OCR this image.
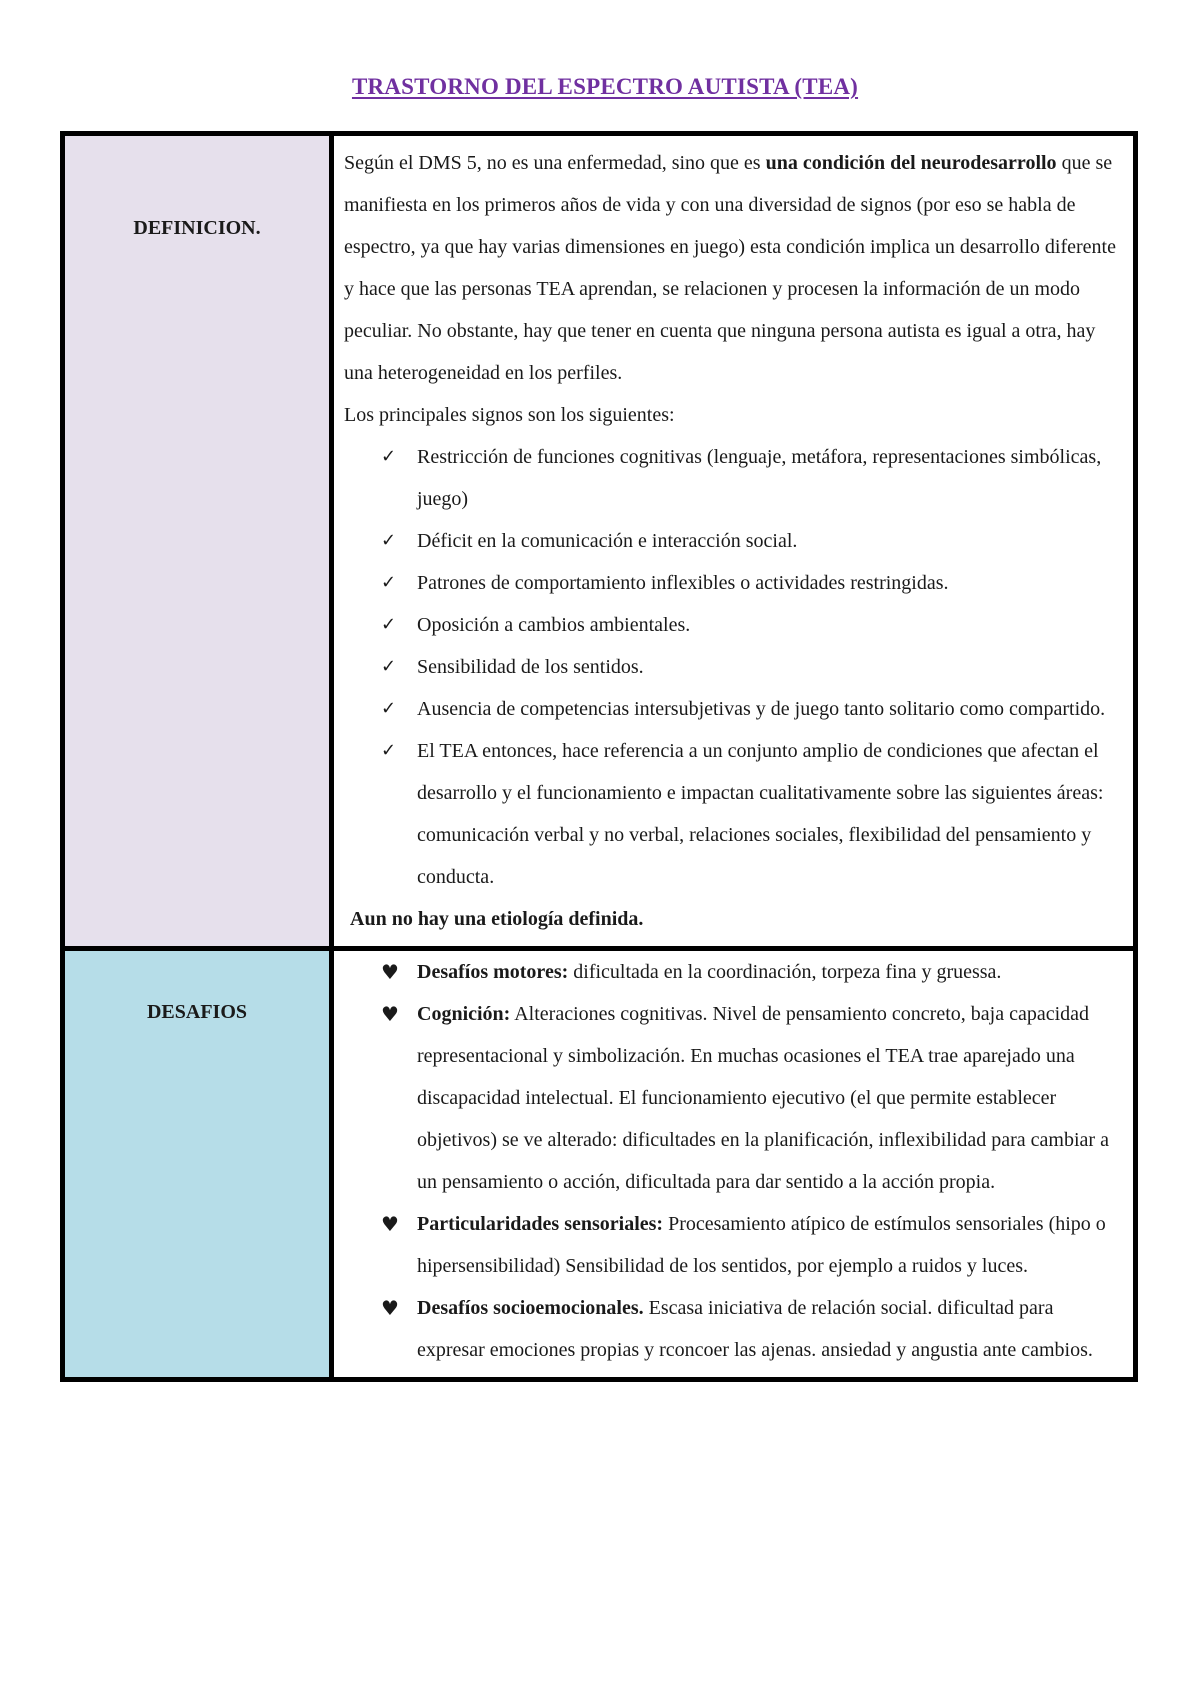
TRASTORNO DEL ESPECTRO AUTISTA (TEA)
DEFINICION.

Según el DMS 5, no es una enfermedad, sino que es una condición del neurodesarrollo que se manifiesta en los primeros años de vida y con una diversidad de signos (por eso se habla de espectro, ya que hay varias dimensiones en juego) esta condición implica un desarrollo diferente y hace que las personas TEA aprendan, se relacionen y procesen la información de un modo peculiar. No obstante, hay que tener en cuenta que ninguna persona autista es igual a otra, hay una heterogeneidad en los perfiles.

Los principales signos son los siguientes:

✓	Restricción de funciones cognitivas (lenguaje, metáfora, representaciones simbólicas, juego)
✓	Déficit en la comunicación e interacción social.
✓	Patrones de comportamiento inflexibles o actividades restringidas.
✓	Oposición a cambios ambientales.
✓	Sensibilidad de los sentidos.
✓	Ausencia de competencias intersubjetivas y de juego tanto solitario como compartido.
✓	El TEA entonces, hace referencia a un conjunto amplio de condiciones que afectan el desarrollo y el funcionamiento e impactan cualitativamente sobre las siguientes áreas: comunicación verbal y no verbal, relaciones sociales, flexibilidad del pensamiento y conducta.

Aun no hay una etiología definida.

DESAFIOS
♥ Desafíos motores: dificultada en la coordinación, torpeza fina y gruessa.
♥ Cognición: Alteraciones cognitivas. Nivel de pensamiento concreto, baja capacidad representacional y simbolización. En muchas ocasiones el TEA trae aparejado una discapacidad intelectual. El funcionamiento ejecutivo (el que permite establecer objetivos) se ve alterado: dificultades en la planificación, inflexibilidad para cambiar a un pensamiento o acción, dificultada para dar sentido a la acción propia.
♥ Particularidades sensoriales: Procesamiento atípico de estímulos sensoriales (hipo o hipersensibilidad) Sensibilidad de los sentidos, por ejemplo a ruidos y luces.
♥ Desafíos socioemocionales. Escasa iniciativa de relación social. dificultad para expresar emociones propias y rconcoer las ajenas. ansiedad y angustia ante cambios.
